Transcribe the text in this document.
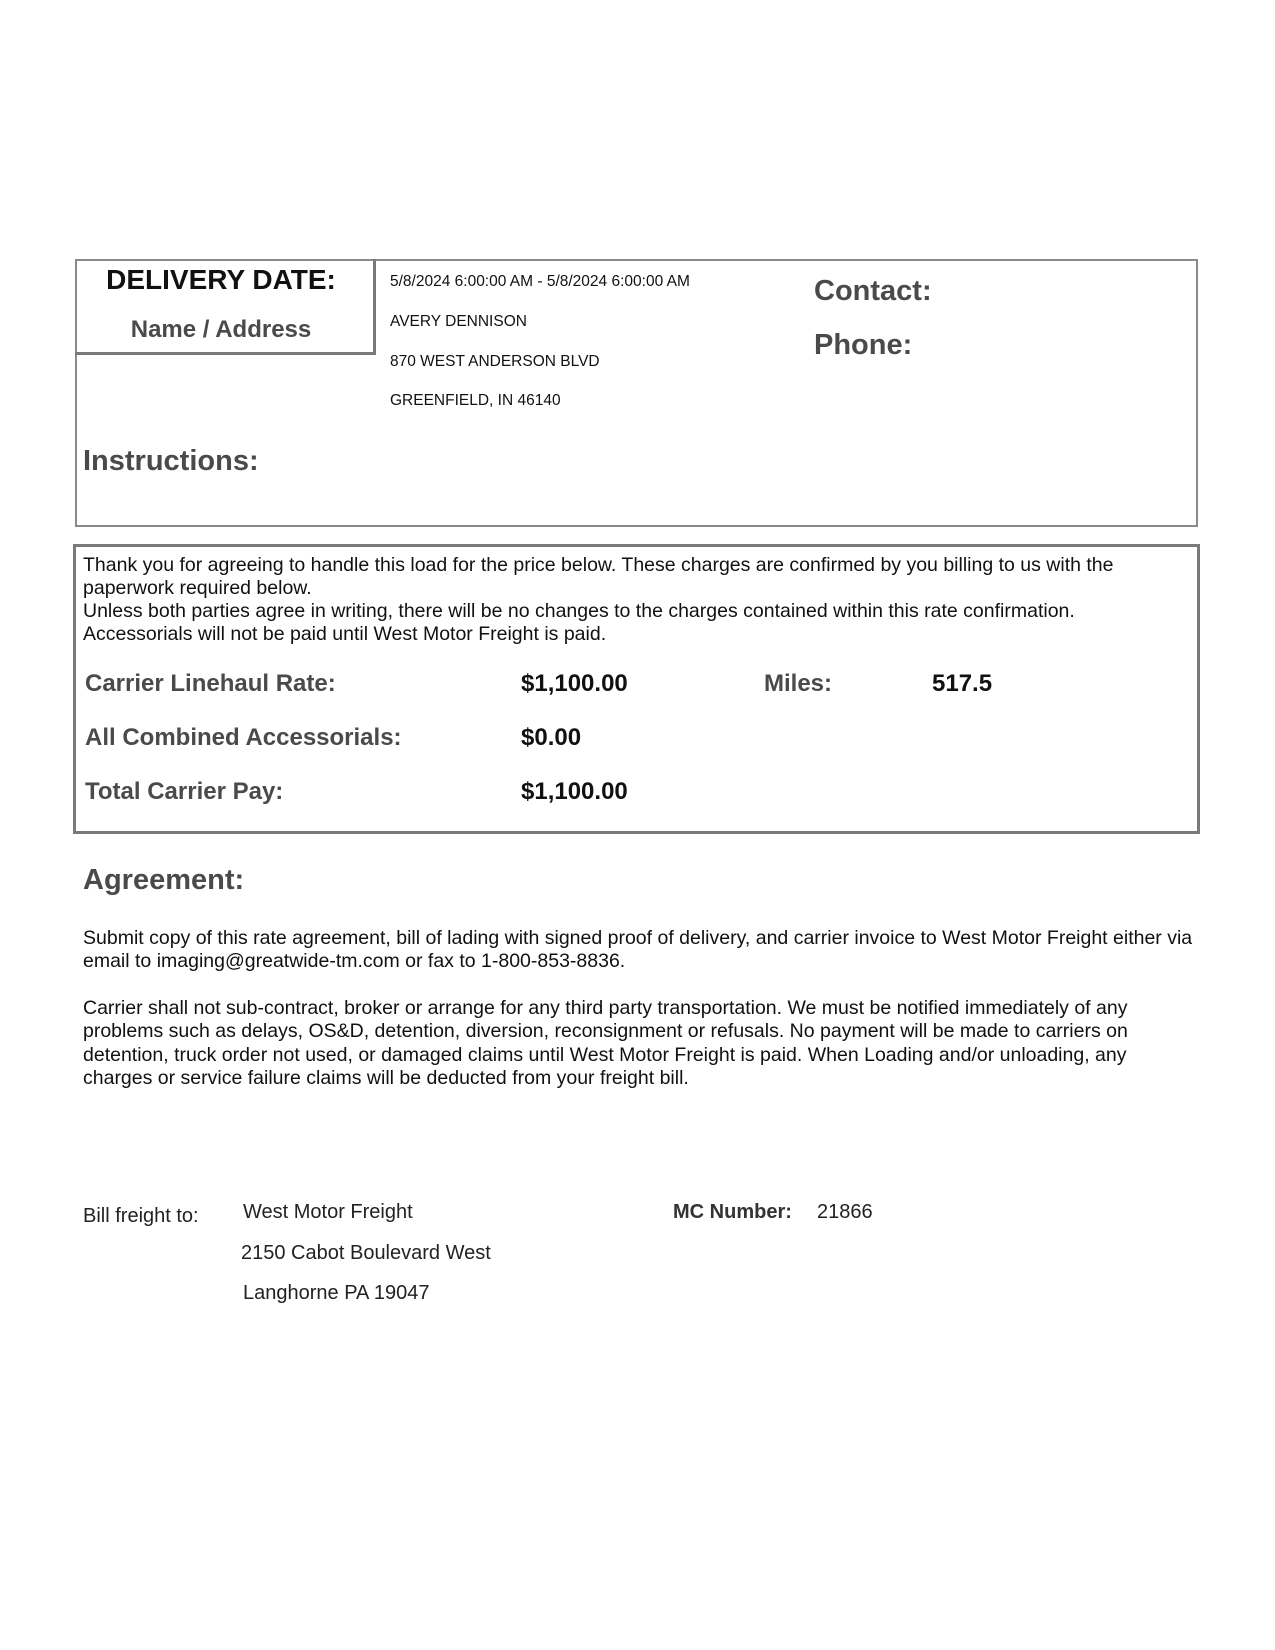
DELIVERY DATE:
Name / Address
5/8/2024 6:00:00 AM - 5/8/2024 6:00:00 AM
AVERY DENNISON
870 WEST ANDERSON BLVD
GREENFIELD, IN 46140
Contact:
Phone:
Instructions:
Thank you for agreeing to handle this load for the price below. These charges are confirmed by you billing to us with the paperwork required below.
Unless both parties agree in writing, there will be no changes to the charges contained within this rate confirmation.
Accessorials will not be paid until West Motor Freight is paid.
Carrier Linehaul Rate:	$1,100.00	Miles:	517.5
All Combined Accessorials:	$0.00
Total Carrier Pay:	$1,100.00
Agreement:
Submit copy of this rate agreement, bill of lading with signed proof of delivery, and carrier invoice to West Motor Freight either via email to imaging@greatwide-tm.com or fax to 1-800-853-8836.
Carrier shall not sub-contract, broker or arrange for any third party transportation. We must be notified immediately of any problems such as delays, OS&D, detention, diversion, reconsignment or refusals. No payment will be made to carriers on detention, truck order not used, or damaged claims until West Motor Freight is paid. When Loading and/or unloading, any charges or service failure claims will be deducted from your freight bill.
Bill freight to: West Motor Freight
2150 Cabot Boulevard West
Langhorne PA 19047
MC Number: 21866
